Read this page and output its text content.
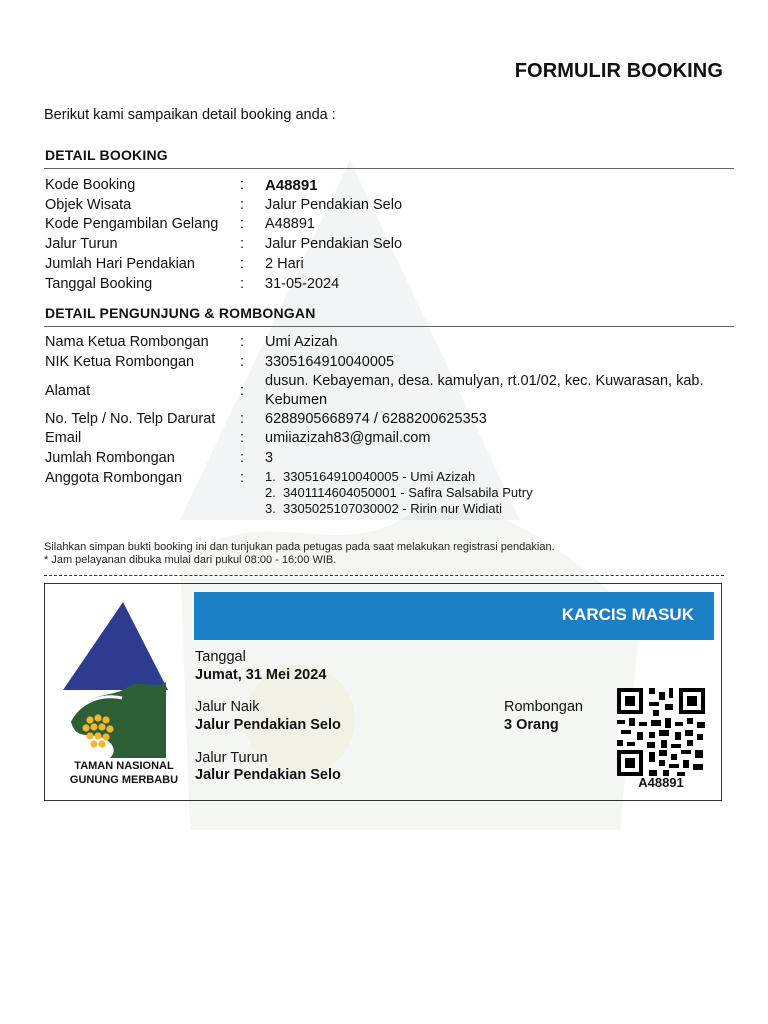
FORMULIR BOOKING
Berikut kami sampaikan detail booking anda :
DETAIL BOOKING
Kode Booking	: A48891
Objek Wisata	: Jalur Pendakian Selo
Kode Pengambilan Gelang : A48891
Jalur Turun	: Jalur Pendakian Selo
Jumlah Hari Pendakian	: 2 Hari
Tanggal Booking	: 31-05-2024
DETAIL PENGUNJUNG & ROMBONGAN
Nama Ketua Rombongan : Umi Azizah
NIK Ketua Rombongan	: 3305164910040005
Alamat	:
dusun. Kebayeman, desa. kamulyan, rt.01/02, kec. Kuwarasan, kab. Kebumen
No. Telp / No. Telp Darurat : 6288905668974 / 6288200625353
Email	: umiiazizah83@gmail.com
Jumlah Rombongan	: 3
Anggota Rombongan	: 1. 3305164910040005 - Umi Azizah
2. 3401114604050001 - Safira Salsabila Putry
3. 3305025107030002 - Ririn nur Widiati
Silahkan simpan bukti booking ini dan tunjukan pada petugas pada saat melakukan registrasi pendakian.
* Jam pelayanan dibuka mulai dari pukul 08:00 - 16:00 WIB.
TAMAN NASIONAL
GUNUNG MERBABU
KARCIS MASUK
Tanggal
Jumat, 31 Mei 2024
Jalur Naik
Jalur Pendakian Selo
Jalur Turun
Jalur Pendakian Selo
Rombongan
3 Orang
A48891
